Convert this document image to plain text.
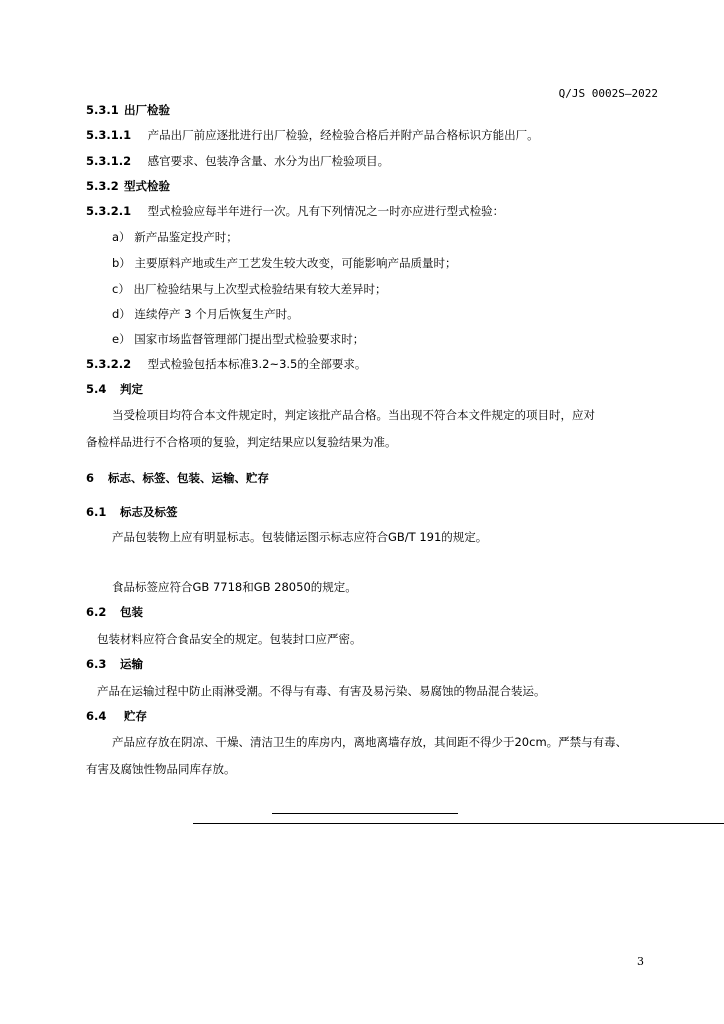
Q/JS 0002S—2022
5.3.1 出厂检验
5.3.1.1 产品出厂前应逐批进行出厂检验，经检验合格后并附产品合格标识方能出厂。
5.3.1.2 感官要求、包装净含量、水分为出厂检验项目。
5.3.2 型式检验
5.3.2.1 型式检验应每半年进行一次。凡有下列情况之一时亦应进行型式检验：
a） 新产品鉴定投产时；
b） 主要原料产地或生产工艺发生较大改变，可能影响产品质量时；
c） 出厂检验结果与上次型式检验结果有较大差异时；
d） 连续停产 3 个月后恢复生产时。
e） 国家市场监督管理部门提出型式检验要求时；
5.3.2.2 型式检验包括本标准3.2~3.5的全部要求。
5.4 判定
当受检项目均符合本文件规定时，判定该批产品合格。当出现不符合本文件规定的项目时，应对
备检样品进行不合格项的复验，判定结果应以复验结果为准。
6 标志、标签、包装、运输、贮存
6.1 标志及标签
产品包装物上应有明显标志。包装储运图示标志应符合GB/T 191的规定。
食品标签应符合GB 7718和GB 28050的规定。
6.2 包装
包装材料应符合食品安全的规定。包装封口应严密。
6.3 运输
产品在运输过程中防止雨淋受潮。不得与有毒、有害及易污染、易腐蚀的物品混合装运。
6.4 贮存
产品应存放在阴凉、干燥、清洁卫生的库房内，离地离墙存放，其间距不得少于20cm。严禁与有毒、
有害及腐蚀性物品同库存放。
3
